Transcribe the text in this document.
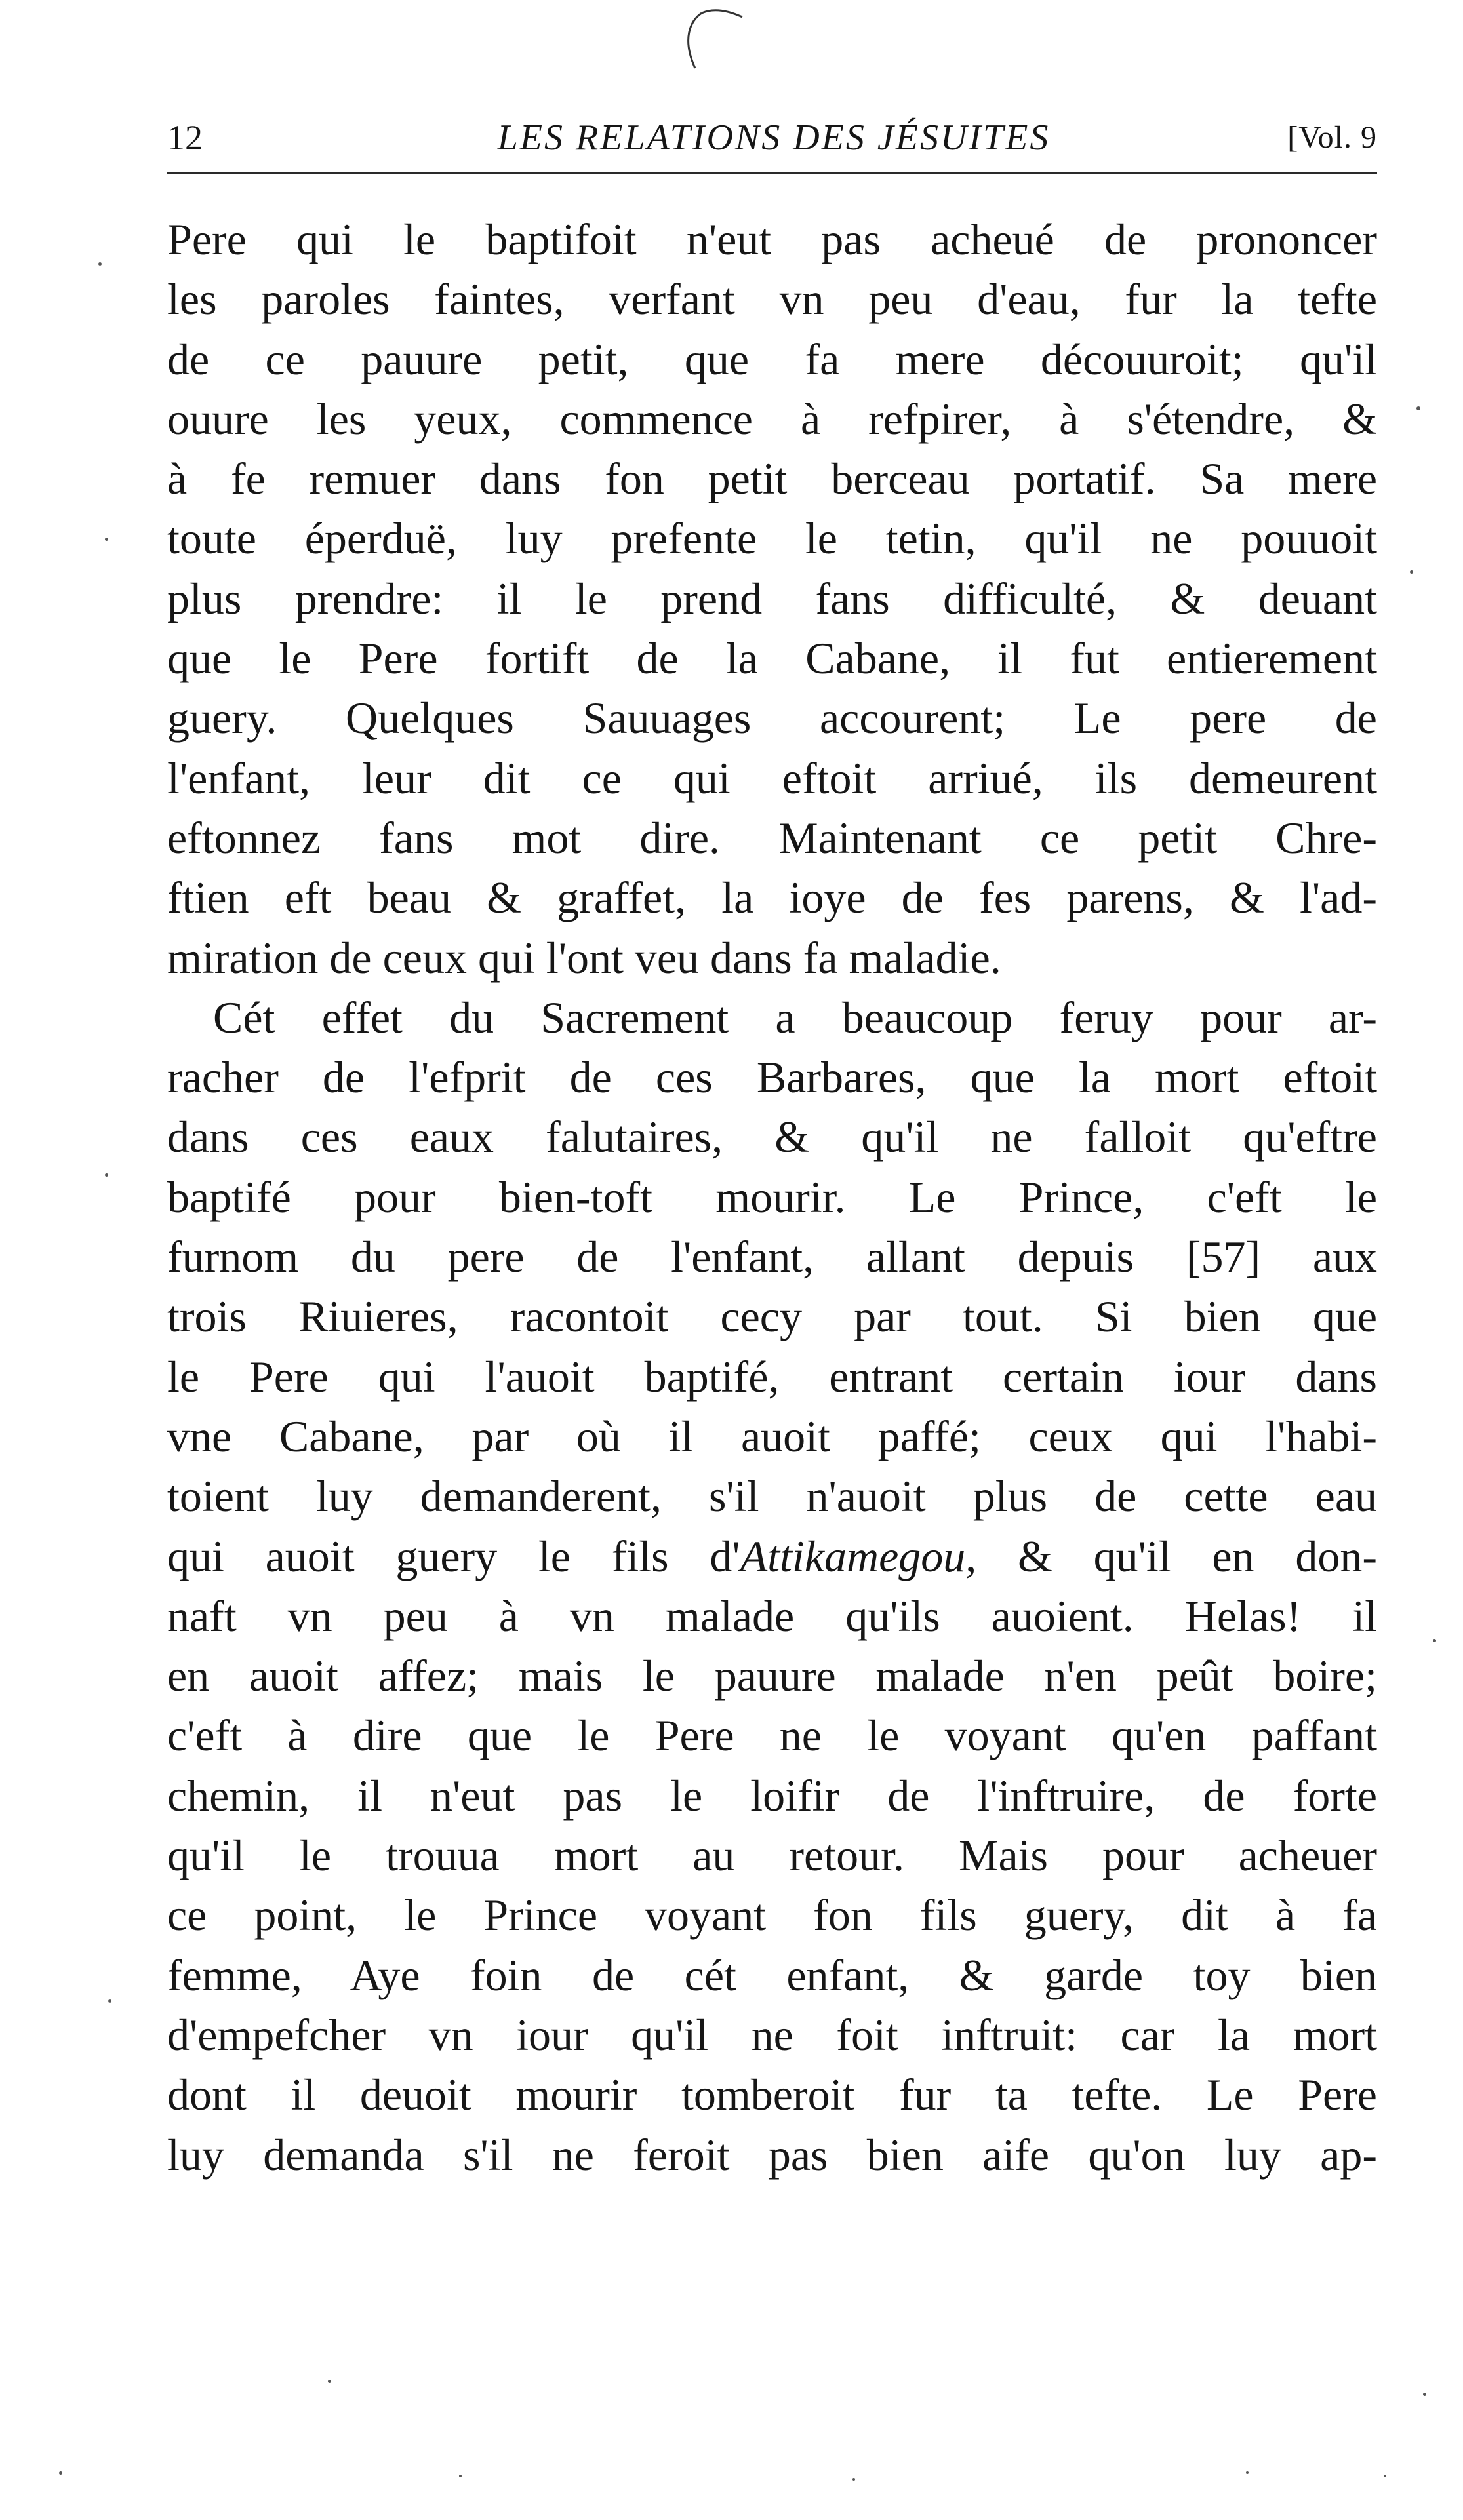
12	LES RELATIONS DES JÉSUITES	[Vol. 9
Pere qui le baptifoit n'eut pas acheué de prononcer
les paroles faintes, verfant vn peu d'eau, fur la tefte
de ce pauure petit, que fa mere découuroit; qu'il
ouure les yeux, commence à refpirer, à s'étendre, &
à fe remuer dans fon petit berceau portatif. Sa mere
toute éperduë, luy prefente le tetin, qu'il ne pouuoit
plus prendre: il le prend fans difficulté, & deuant
que le Pere fortift de la Cabane, il fut entierement
guery. Quelques Sauuages accourent; Le pere de
l'enfant, leur dit ce qui eftoit arriué, ils demeurent
eftonnez fans mot dire. Maintenant ce petit Chre-
ftien eft beau & graffet, la ioye de fes parens, & l'ad-
miration de ceux qui l'ont veu dans fa maladie.
Cét effet du Sacrement a beaucoup feruy pour ar-
racher de l'efprit de ces Barbares, que la mort eftoit
dans ces eaux falutaires, & qu'il ne falloit qu'eftre
baptifé pour bien-toft mourir. Le Prince, c'eft le
furnom du pere de l'enfant, allant depuis [57] aux
trois Riuieres, racontoit cecy par tout. Si bien que
le Pere qui l'auoit baptifé, entrant certain iour dans
vne Cabane, par où il auoit paffé; ceux qui l'habi-
toient luy demanderent, s'il n'auoit plus de cette eau
qui auoit guery le fils d'Attikamegou, & qu'il en don-
naft vn peu à vn malade qu'ils auoient. Helas! il
en auoit affez; mais le pauure malade n'en peût boire;
c'eft à dire que le Pere ne le voyant qu'en paffant
chemin, il n'eut pas le loifir de l'inftruire, de forte
qu'il le trouua mort au retour. Mais pour acheuer
ce point, le Prince voyant fon fils guery, dit à fa
femme, Aye foin de cét enfant, & garde toy bien
d'empefcher vn iour qu'il ne foit inftruit: car la mort
dont il deuoit mourir tomberoit fur ta tefte. Le Pere
luy demanda s'il ne feroit pas bien aife qu'on luy ap-
